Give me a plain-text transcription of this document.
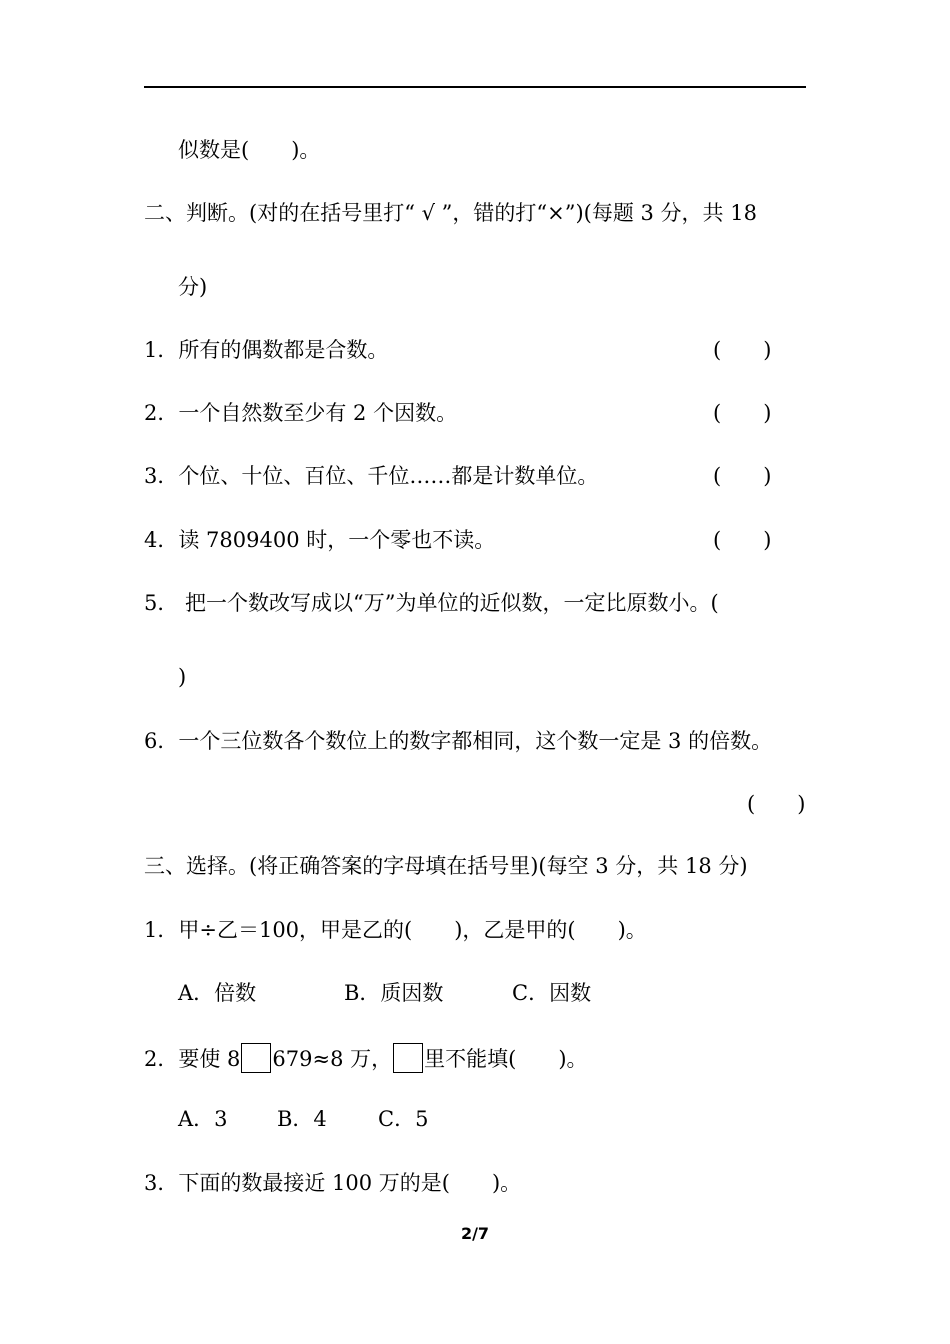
似数是(　　)。
二、判断。(对的在括号里打“ √ ”，错的打“×”)(每题 3 分，共 18
分)
1．所有的偶数都是合数。	(　　)
2．一个自然数至少有 2 个因数。	(　　)
3．个位、十位、百位、千位……都是计数单位。	(　　)
4．读 7809400 时，一个零也不读。	(　　)
5． 把一个数改写成以“万”为单位的近似数，一定比原数小。(
)
6．一个三位数各个数位上的数字都相同，这个数一定是 3 的倍数。
(　　)
三、选择。(将正确答案的字母填在括号里)(每空 3 分，共 18 分)
1．甲÷乙＝100，甲是乙的(　　)，乙是甲的(　　)。
A．倍数	B．质因数	C．因数
2．要使 8 679≈8 万， 里不能填(　　)。
A．3 B．4 C．5
3．下面的数最接近 100 万的是(　　)。
2/7
